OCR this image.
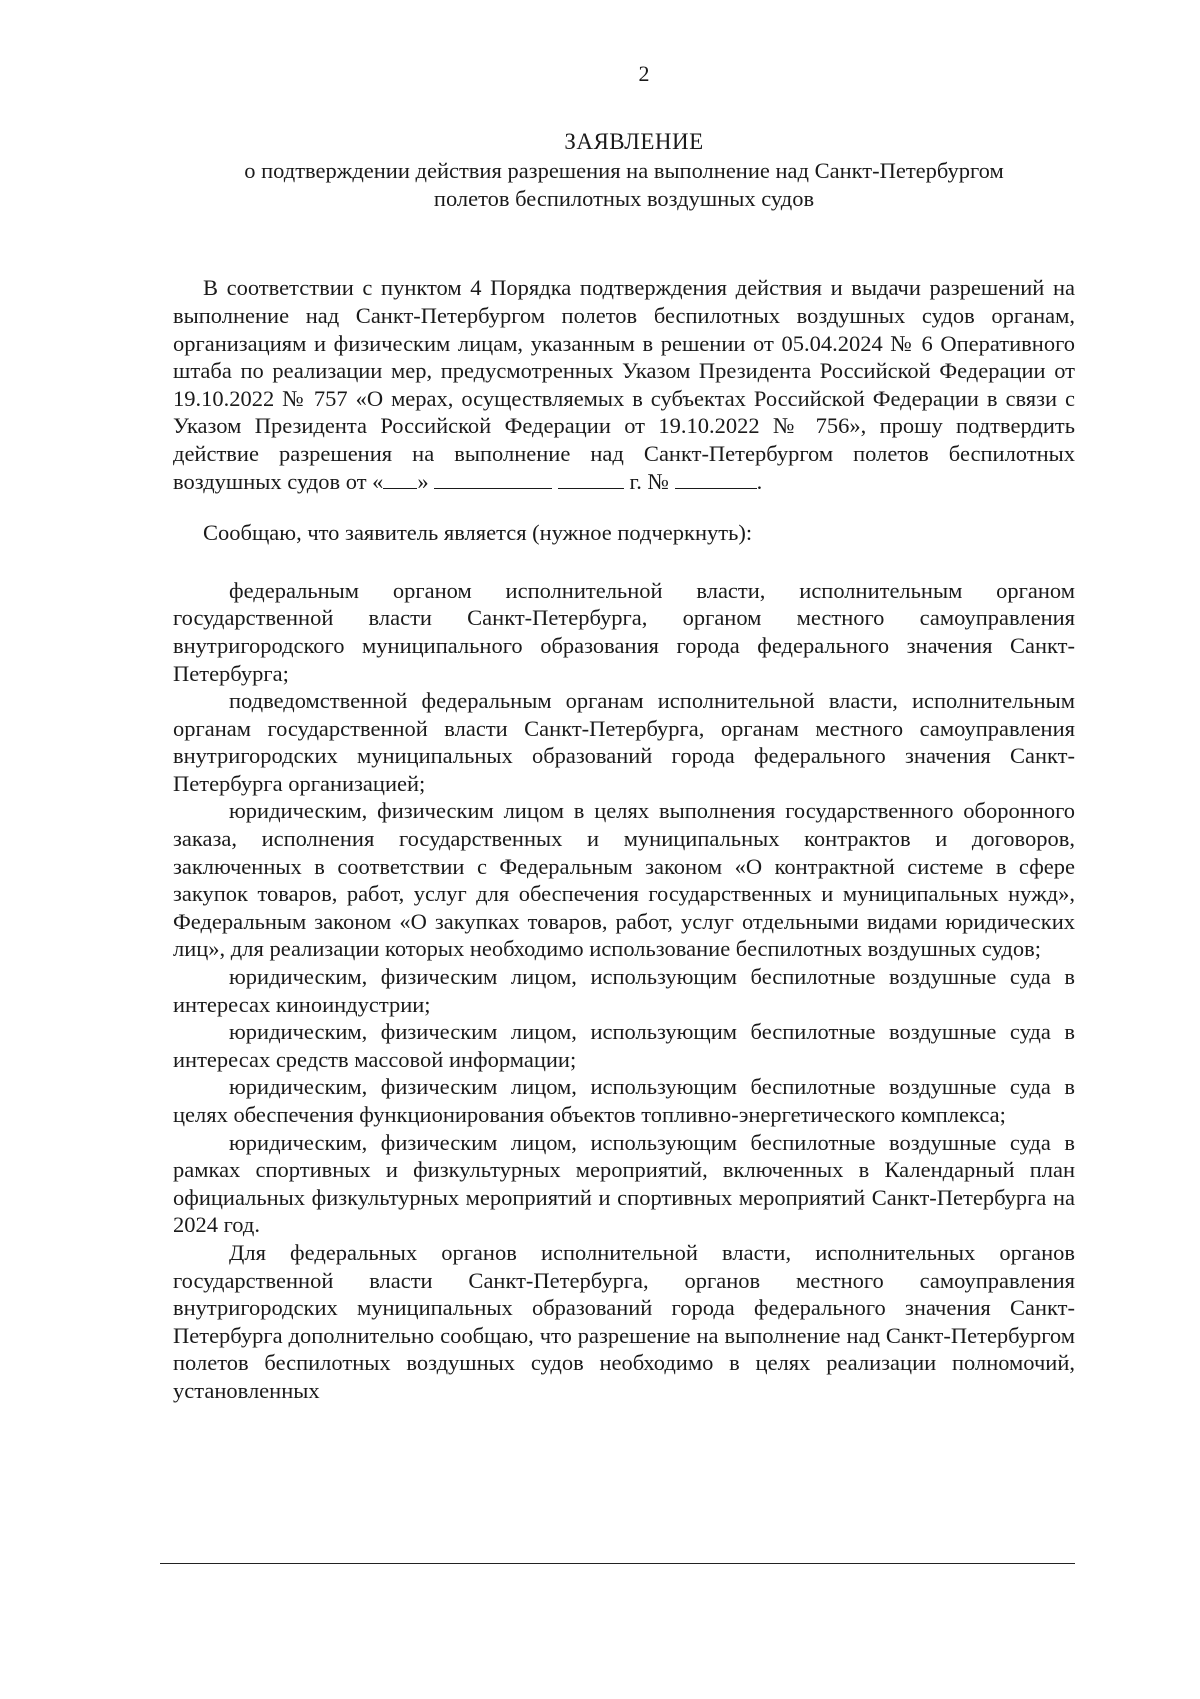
2
ЗАЯВЛЕНИЕ
о подтверждении действия разрешения на выполнение над Санкт-Петербургом
полетов беспилотных воздушных судов

В соответствии с пунктом 4 Порядка подтверждения действия и выдачи разрешений на выполнение над Санкт-Петербургом полетов беспилотных воздушных судов органам, организациям и физическим лицам, указанным в решении от 05.04.2024 № 6 Оперативного штаба по реализации мер, предусмотренных Указом Президента Российской Федерации от 19.10.2022 № 757 «О мерах, осуществляемых в субъектах Российской Федерации в связи с Указом Президента Российской Федерации от 19.10.2022 № 756», прошу подтвердить действие разрешения на выполнение над Санкт-Петербургом полетов беспилотных воздушных судов от « »	г. №	.

Сообщаю, что заявитель является (нужное подчеркнуть):

федеральным органом исполнительной власти, исполнительным органом государственной власти Санкт-Петербурга, органом местного самоуправления внутригородского муниципального образования города федерального значения Санкт-Петербурга;

подведомственной федеральным органам исполнительной власти, исполнительным органам государственной власти Санкт-Петербурга, органам местного самоуправления внутригородских муниципальных образований города федерального значения Санкт-Петербурга организацией;

юридическим, физическим лицом в целях выполнения государственного оборонного заказа, исполнения государственных и муниципальных контрактов и договоров, заключенных в соответствии с Федеральным законом «О контрактной системе в сфере закупок товаров, работ, услуг для обеспечения государственных и муниципальных нужд», Федеральным законом «О закупках товаров, работ, услуг отдельными видами юридических лиц», для реализации которых необходимо использование беспилотных воздушных судов;

юридическим, физическим лицом, использующим беспилотные воздушные суда в интересах киноиндустрии;

юридическим, физическим лицом, использующим беспилотные воздушные суда в интересах средств массовой информации;

юридическим, физическим лицом, использующим беспилотные воздушные суда в целях обеспечения функционирования объектов топливно-энергетического комплекса;

юридическим, физическим лицом, использующим беспилотные воздушные суда в рамках спортивных и физкультурных мероприятий, включенных в Календарный план официальных физкультурных мероприятий и спортивных мероприятий Санкт-Петербурга на 2024 год.

Для федеральных органов исполнительной власти, исполнительных органов государственной власти Санкт-Петербурга, органов местного самоуправления внутригородских муниципальных образований города федерального значения Санкт-Петербурга дополнительно сообщаю, что разрешение на выполнение над Санкт-Петербургом полетов беспилотных воздушных судов необходимо в целях реализации полномочий, установленных
